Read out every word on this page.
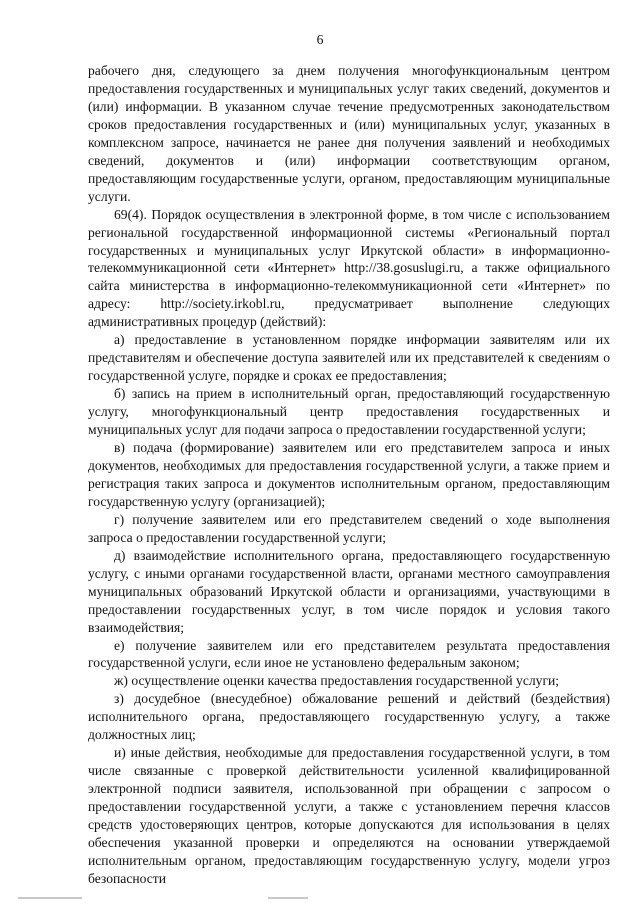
6

рабочего дня, следующего за днем получения многофункциональным центром предоставления государственных и муниципальных услуг таких сведений, документов и (или) информации. В указанном случае течение предусмотренных законодательством сроков предоставления государственных и (или) муниципальных услуг, указанных в комплексном запросе, начинается не ранее дня получения заявлений и необходимых сведений, документов и (или) информации соответствующим органом, предоставляющим государственные услуги, органом, предоставляющим муниципальные услуги.

69(4). Порядок осуществления в электронной форме, в том числе с использованием региональной государственной информационной системы «Региональный портал государственных и муниципальных услуг Иркутской области» в информационно-телекоммуникационной сети «Интернет» http://38.gosuslugi.ru, а также официального сайта министерства в информационно-телекоммуникационной сети «Интернет» по адресу: http://society.irkobl.ru, предусматривает выполнение следующих административных процедур (действий):

а) предоставление в установленном порядке информации заявителям или их представителям и обеспечение доступа заявителей или их представителей к сведениям о государственной услуге, порядке и сроках ее предоставления;

б) запись на прием в исполнительный орган, предоставляющий государственную услугу, многофункциональный центр предоставления государственных и муниципальных услуг для подачи запроса о предоставлении государственной услуги;

в) подача (формирование) заявителем или его представителем запроса и иных документов, необходимых для предоставления государственной услуги, а также прием и регистрация таких запроса и документов исполнительным органом, предоставляющим государственную услугу (организацией);

г) получение заявителем или его представителем сведений о ходе выполнения запроса о предоставлении государственной услуги;

д) взаимодействие исполнительного органа, предоставляющего государственную услугу, с иными органами государственной власти, органами местного самоуправления муниципальных образований Иркутской области и организациями, участвующими в предоставлении государственных услуг, в том числе порядок и условия такого взаимодействия;

е) получение заявителем или его представителем результата предоставления государственной услуги, если иное не установлено федеральным законом;

ж) осуществление оценки качества предоставления государственной услуги;

з) досудебное (внесудебное) обжалование решений и действий (бездействия) исполнительного органа, предоставляющего государственную услугу, а также должностных лиц;

и) иные действия, необходимые для предоставления государственной услуги, в том числе связанные с проверкой действительности усиленной квалифицированной электронной подписи заявителя, использованной при обращении с запросом о предоставлении государственной услуги, а также с установлением перечня классов средств удостоверяющих центров, которые допускаются для использования в целях обеспечения указанной проверки и определяются на основании утверждаемой исполнительным органом, предоставляющим государственную услугу, модели угроз безопасности
